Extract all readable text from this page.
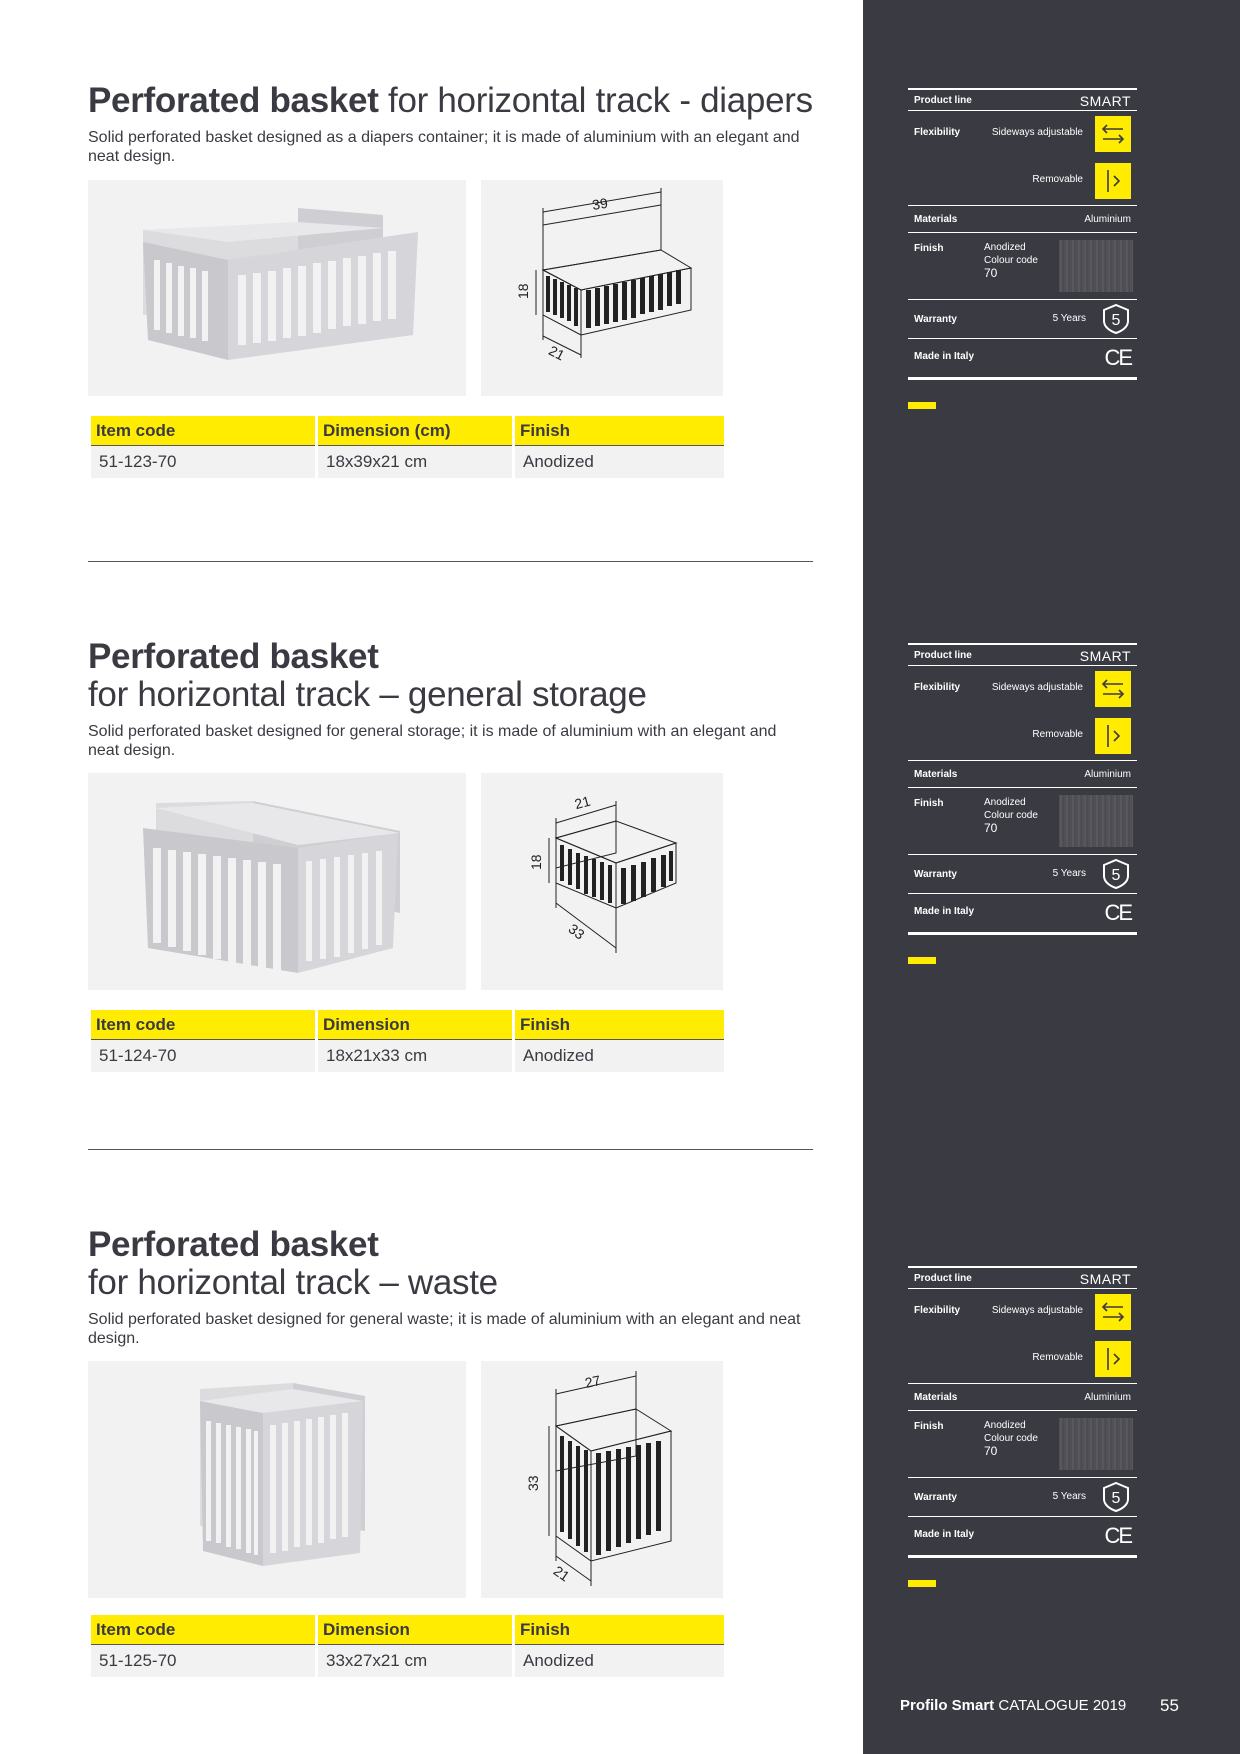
Perforated basket for horizontal track - diapers
Solid perforated basket designed as a diapers container; it is made of aluminium with an elegant and neat design.
39
18
21
Item code	Dimension (cm)	Finish
51-123-70	18x39x21 cm	Anodized
Perforated basket
for horizontal track – general storage
Solid perforated basket designed for general storage; it is made of aluminium with an elegant and neat design.
21
18
33
Item code	Dimension	Finish
51-124-70	18x21x33 cm	Anodized
Perforated basket
for horizontal track – waste
Solid perforated basket designed for general waste; it is made of aluminium with an elegant and neat design.
27
33
21
Item code	Dimension	Finish
51-125-70	33x27x21 cm	Anodized
Product line	SMART
Flexibility	Sideways adjustable
Removable
Materials	Aluminium
Finish	Anodized
Colour code
70
Warranty	5 Years 5
Made in Italy	CE
Product line	SMART
Flexibility	Sideways adjustable
Removable
Materials	Aluminium
Finish	Anodized
Colour code
70
Warranty	5 Years 5
Made in Italy	CE
Product line	SMART
Flexibility	Sideways adjustable
Removable
Materials	Aluminium
Finish	Anodized
Colour code
70
Warranty	5 Years 5
Made in Italy	CE
Profilo Smart CATALOGUE 2019 55
